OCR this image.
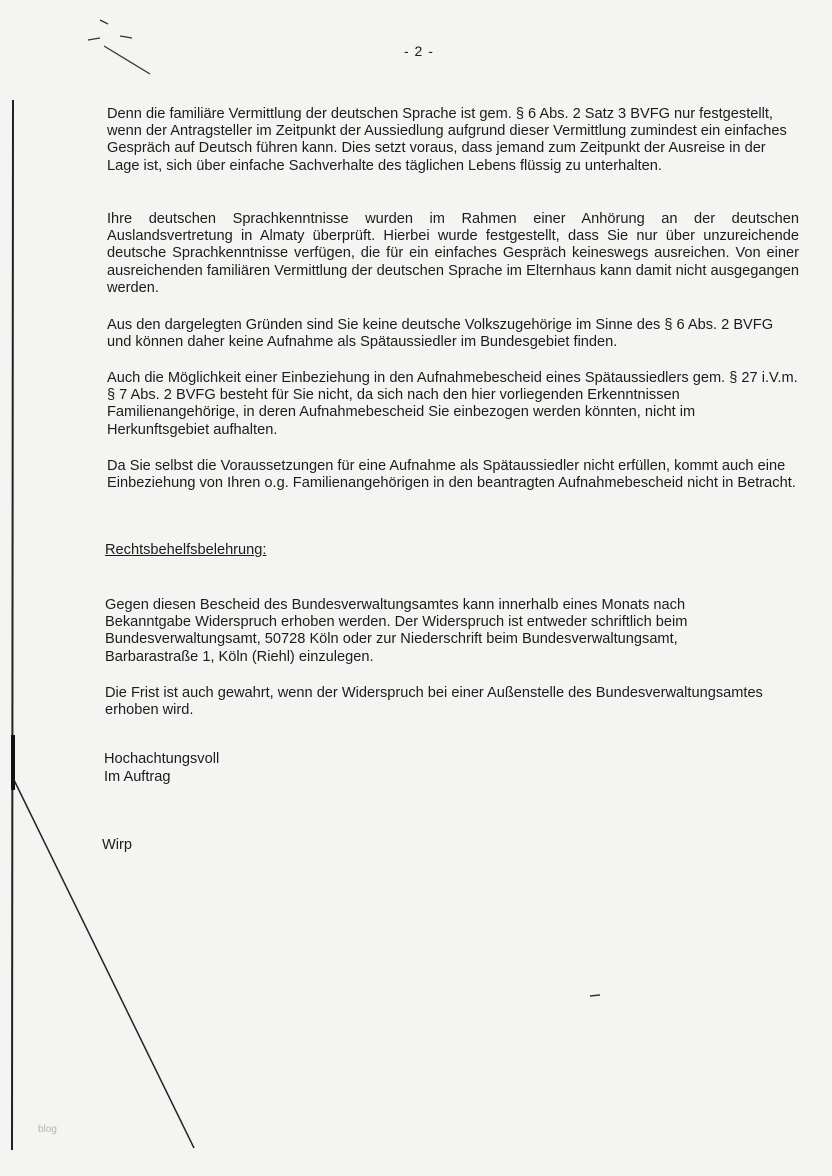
- 2 -

Denn die familiäre Vermittlung der deutschen Sprache ist gem. § 6 Abs. 2 Satz 3 BVFG nur festgestellt, wenn der Antragsteller im Zeitpunkt der Aussiedlung aufgrund dieser Vermittlung zumindest ein einfaches Gespräch auf Deutsch führen kann. Dies setzt voraus, dass jemand zum Zeitpunkt der Ausreise in der Lage ist, sich über einfache Sachverhalte des täglichen Lebens flüssig zu unterhalten.

Ihre deutschen Sprachkenntnisse wurden im Rahmen einer Anhörung an der deutschen Auslandsvertretung in Almaty überprüft. Hierbei wurde festgestellt, dass Sie nur über unzureichende deutsche Sprachkenntnisse verfügen, die für ein einfaches Gespräch keineswegs ausreichen. Von einer ausreichenden familiären Vermittlung der deutschen Sprache im Elternhaus kann damit nicht ausgegangen werden.

Aus den dargelegten Gründen sind Sie keine deutsche Volkszugehörige im Sinne des § 6 Abs. 2 BVFG und können daher keine Aufnahme als Spätaussiedler im Bundesgebiet finden.

Auch die Möglichkeit einer Einbeziehung in den Aufnahmebescheid eines Spätaussiedlers gem. § 27 i.V.m. § 7 Abs. 2 BVFG besteht für Sie nicht, da sich nach den hier vorliegenden Erkenntnissen Familienangehörige, in deren Aufnahmebescheid Sie einbezogen werden könnten, nicht im Herkunftsgebiet aufhalten.

Da Sie selbst die Voraussetzungen für eine Aufnahme als Spätaussiedler nicht erfüllen, kommt auch eine Einbeziehung von Ihren o.g. Familienangehörigen in den beantragten Aufnahmebescheid nicht in Betracht.

Rechtsbehelfsbelehrung:

Gegen diesen Bescheid des Bundesverwaltungsamtes kann innerhalb eines Monats nach Bekanntgabe Widerspruch erhoben werden. Der Widerspruch ist entweder schriftlich beim Bundesverwaltungsamt, 50728 Köln oder zur Niederschrift beim Bundesverwaltungsamt, Barbarastraße 1, Köln (Riehl) einzulegen.

Die Frist ist auch gewahrt, wenn der Widerspruch bei einer Außenstelle des Bundesverwaltungsamtes erhoben wird.

Hochachtungsvoll
Im Auftrag
Wirp
blog
